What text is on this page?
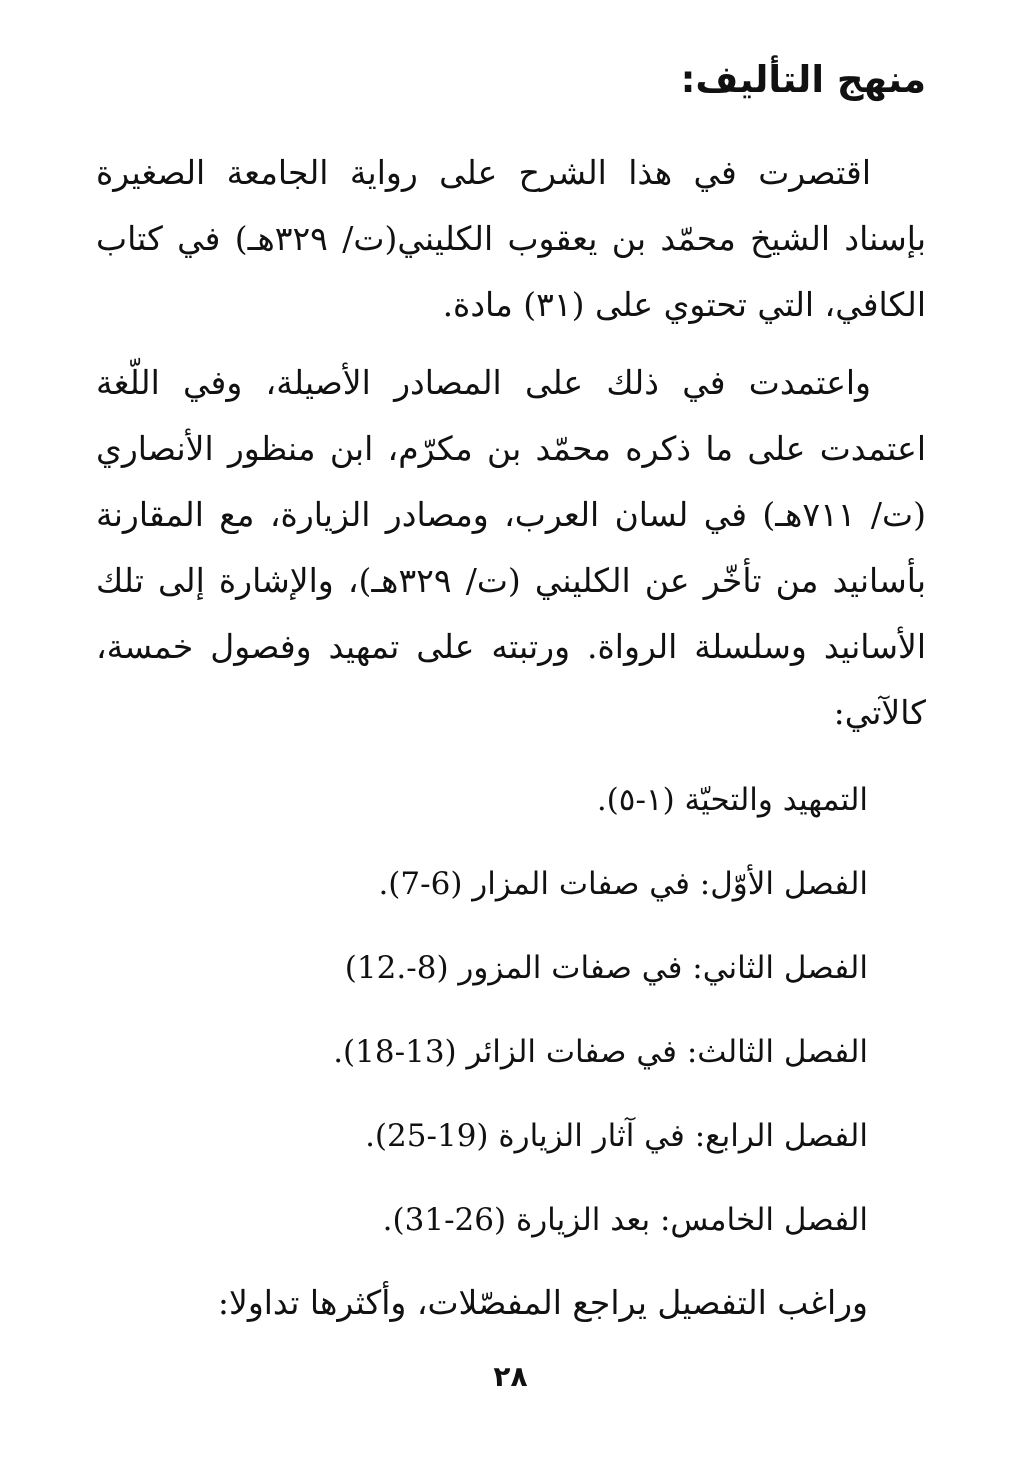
منهج التأليف:

اقتصرت في هذا الشرح على رواية الجامعة الصغيرة بإسناد الشيخ محمّد بن يعقوب الكليني(ت/ ٣٢٩هـ) في كتاب الكافي، التي تحتوي على (٣١) مادة.

واعتمدت في ذلك على المصادر الأصيلة، وفي اللّغة اعتمدت على ما ذكره محمّد بن مكرّم، ابن منظور الأنصاري (ت/ ٧١١هـ) في لسان العرب، ومصادر الزيارة، مع المقارنة بأسانيد من تأخّر عن الكليني (ت/ ٣٢٩هـ)، والإشارة إلى تلك الأسانيد وسلسلة الرواة. ورتبته على تمهيد وفصول خمسة، كالآتي:

التمهيد والتحيّة (١-٥).
الفصل الأوّل: في صفات المزار (6-7).
الفصل الثاني: في صفات المزور (8-.12)
الفصل الثالث: في صفات الزائر (13-18).
الفصل الرابع: في آثار الزيارة (19-25).
الفصل الخامس: بعد الزيارة (26-31).
وراغب التفصيل يراجع المفصّلات، وأكثرها تداولا:
٢٨
